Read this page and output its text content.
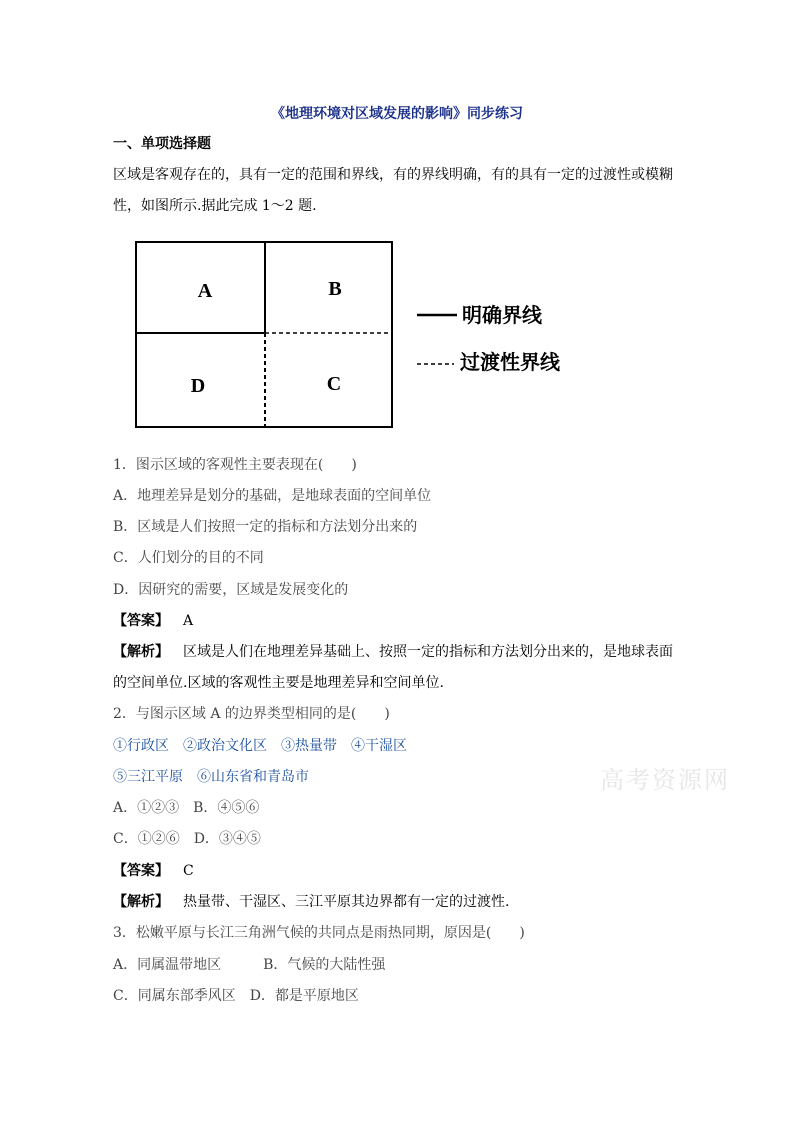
《地理环境对区域发展的影响》同步练习
一、单项选择题
区域是客观存在的，具有一定的范围和界线，有的界线明确，有的具有一定的过渡性或模糊性，如图所示.据此完成 1～2 题.
A	B
C
D
明确界线
过渡性界线
1．图示区域的客观性主要表现在(　　)
A．地理差异是划分的基础，是地球表面的空间单位
B．区域是人们按照一定的指标和方法划分出来的
C．人们划分的目的不同
D．因研究的需要，区域是发展变化的
【答案】 A
【解析】 区域是人们在地理差异基础上、按照一定的指标和方法划分出来的，是地球表面的空间单位.区域的客观性主要是地理差异和空间单位.
2．与图示区域 A 的边界类型相同的是(　　)
①行政区　②政治文化区　③热量带　④干湿区
⑤三江平原　⑥山东省和青岛市
A．①②③　B．④⑤⑥
C．①②⑥　D．③④⑤
【答案】 C
【解析】 热量带、干湿区、三江平原其边界都有一定的过渡性.
3．松嫩平原与长江三角洲气候的共同点是雨热同期，原因是(　　)
A．同属温带地区　　　B．气候的大陆性强
C．同属东部季风区　D．都是平原地区
高考资源网
